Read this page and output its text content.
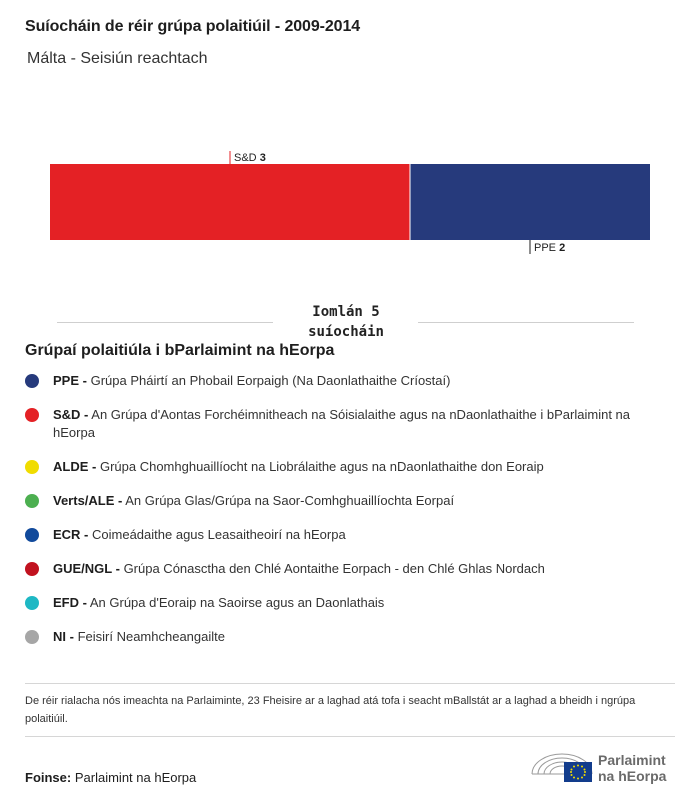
Suíocháin de réir grúpa polaitiúil - 2009-2014
Málta - Seisiún reachtach
S&D 3
PPE 2
Iomlán 5 suíocháin
Grúpaí polaitiúla i bParlaimint na hEorpa
PPE - Grúpa Pháirtí an Phobail Eorpaigh (Na Daonlathaithe Críostaí)
S&D - An Grúpa d'Aontas Forchéimnitheach na Sóisialaithe agus na nDaonlathaithe i bParlaimint na hEorpa
ALDE - Grúpa Chomhghuaillíocht na Liobrálaithe agus na nDaonlathaithe don Eoraip
Verts/ALE - An Grúpa Glas/Grúpa na Saor-Comhghuaillíochta Eorpaí
ECR - Coimeádaithe agus Leasaitheoirí na hEorpa
GUE/NGL - Grúpa Cónasctha den Chlé Aontaithe Eorpach - den Chlé Ghlas Nordach
EFD - An Grúpa d'Eoraip na Saoirse agus an Daonlathais
NI - Feisirí Neamhcheangailte
De réir rialacha nós imeachta na Parlaiminte, 23 Fheisire ar a laghad atá tofa i seacht mBallstát ar a laghad a bheidh i ngrúpa polaitiúil.
Foinse: Parlaimint na hEorpa
Parlaimint
na hEorpa
